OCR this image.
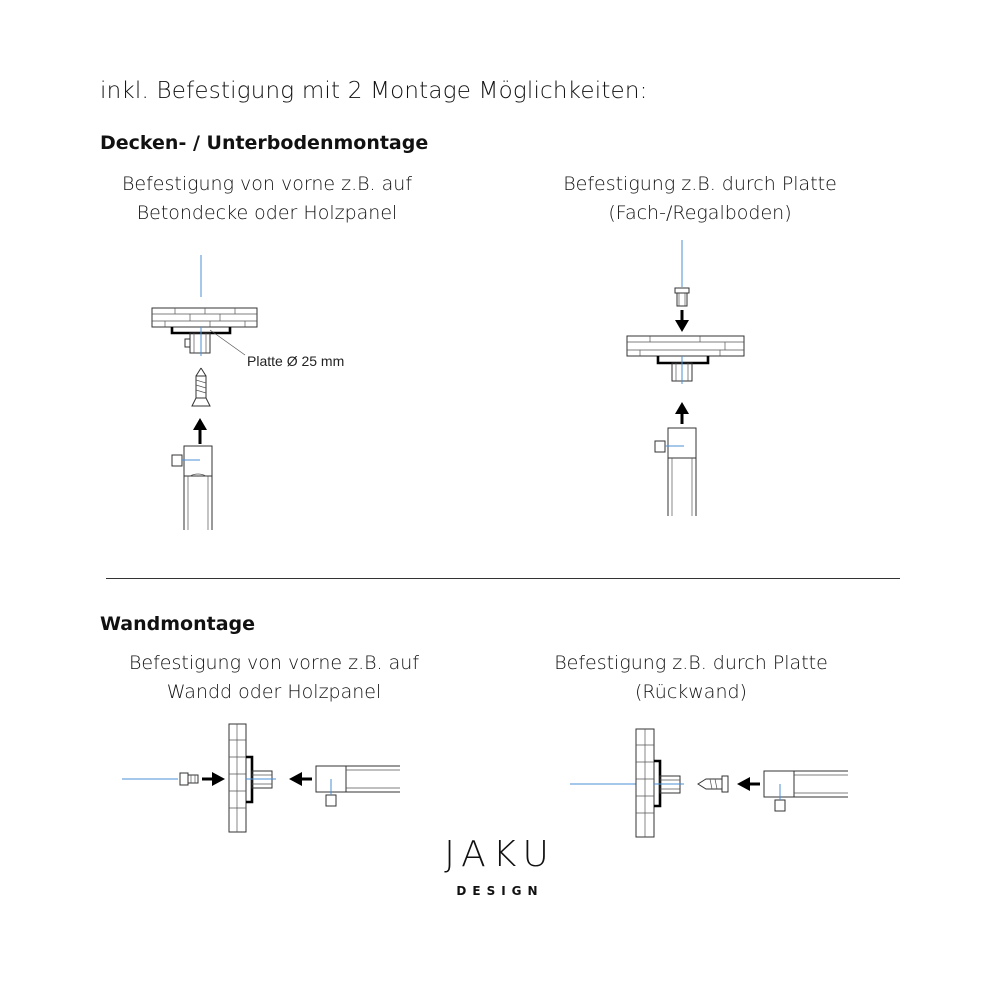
inkl. Befestigung mit 2 Montage Möglichkeiten:
Decken- / Unterbodenmontage
Befestigung von vorne z.B. auf
Betondecke oder Holzpanel
Befestigung z.B. durch Platte
(Fach-/Regalboden)
Wandmontage
Befestigung von vorne z.B. auf
Wandd oder Holzpanel
Befestigung z.B. durch Platte
(Rückwand)
Platte Ø 25 mm
JAKU
DESIGN
